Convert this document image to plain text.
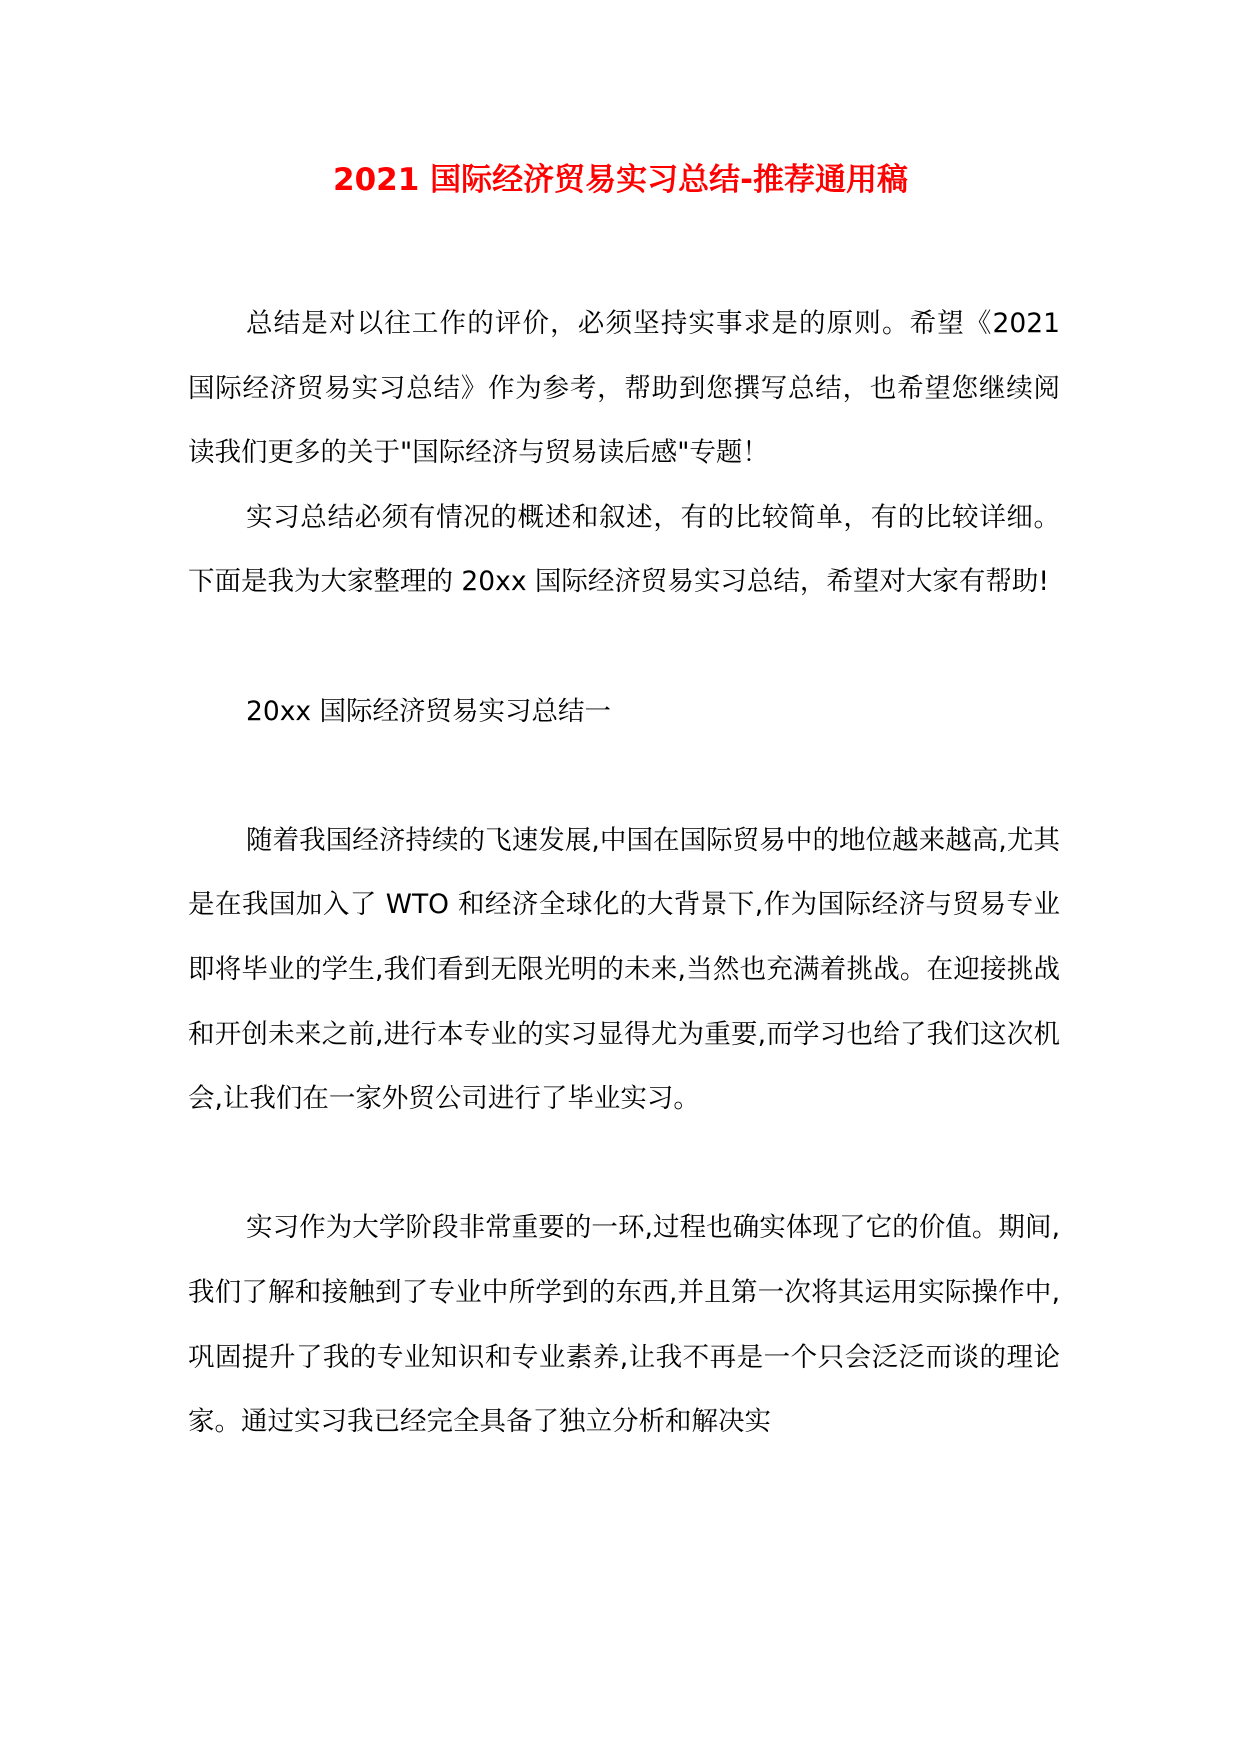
2021 国际经济贸易实习总结-推荐通用稿

总结是对以往工作的评价，必须坚持实事求是的原则。希望《2021 国际经济贸易实习总结》作为参考，帮助到您撰写总结，也希望您继续阅读我们更多的关于"国际经济与贸易读后感"专题！

实习总结必须有情况的概述和叙述，有的比较简单，有的比较详细。下面是我为大家整理的 20xx 国际经济贸易实习总结，希望对大家有帮助!

20xx 国际经济贸易实习总结一

随着我国经济持续的飞速发展,中国在国际贸易中的地位越来越高,尤其是在我国加入了 WTO 和经济全球化的大背景下,作为国际经济与贸易专业即将毕业的学生,我们看到无限光明的未来,当然也充满着挑战。在迎接挑战和开创未来之前,进行本专业的实习显得尤为重要,而学习也给了我们这次机会,让我们在一家外贸公司进行了毕业实习。

实习作为大学阶段非常重要的一环,过程也确实体现了它的价值。期间,我们了解和接触到了专业中所学到的东西,并且第一次将其运用实际操作中,巩固提升了我的专业知识和专业素养,让我不再是一个只会泛泛而谈的理论家。通过实习我已经完全具备了独立分析和解决实
